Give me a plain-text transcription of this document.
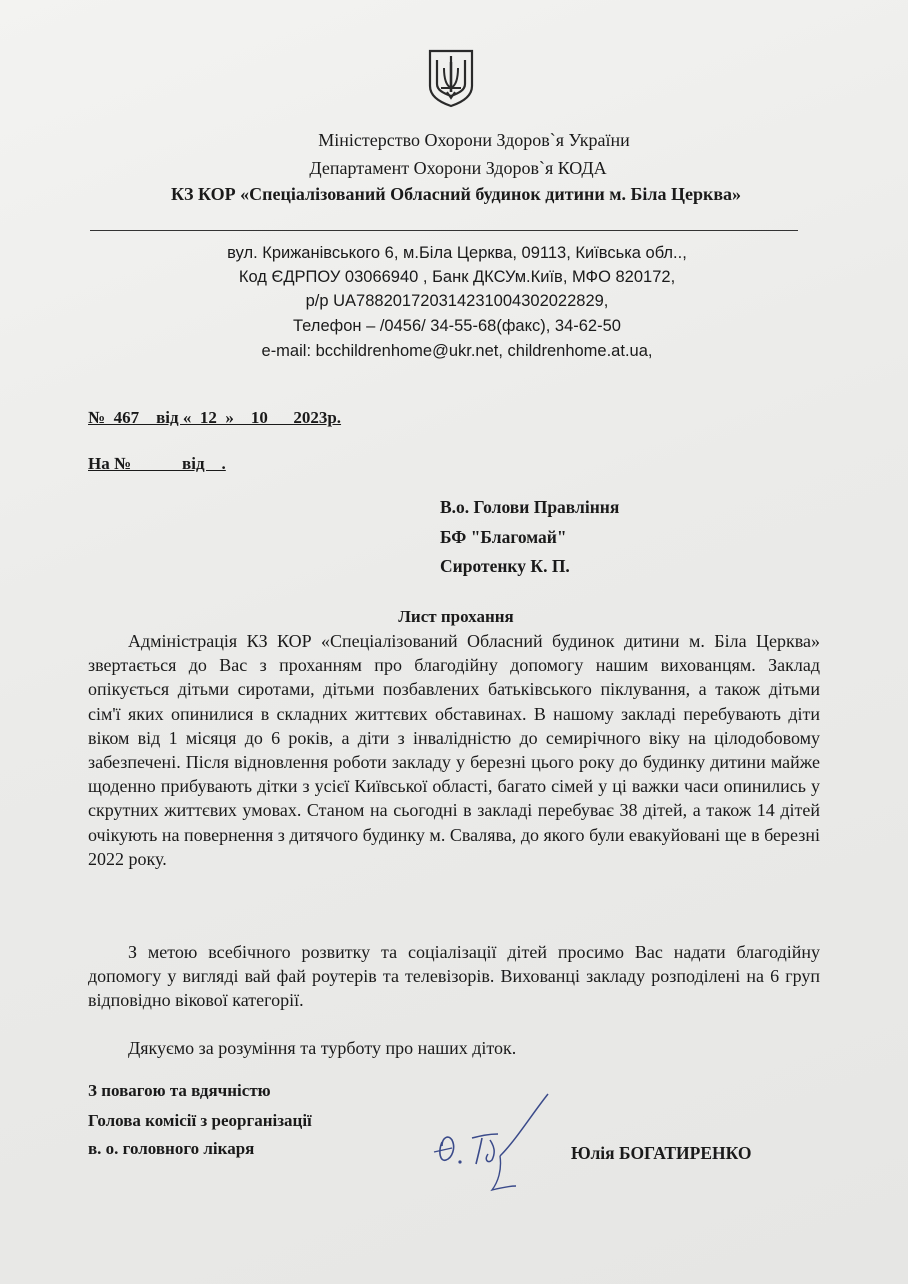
Міністерство Охорони Здоров`я України
Департамент Охорони Здоров`я КОДА
КЗ КОР «Спеціалізований Обласний будинок дитини м. Біла Церква»
вул. Крижанівського 6, м.Біла Церква, 09113, Київська обл..,
Код ЄДРПОУ 03066940 , Банк ДКСУм.Київ, МФО 820172,
р/р UA788201720314231004302022829,
Телефон – /0456/ 34-55-68(факс), 34-62-50
e-mail: bcchildrenhome@ukr.net, childrenhome.at.ua,
№  467    від «  12  »    10      2023р.
На №            від    .
В.о. Голови Правління
БФ "Благомай"
Сиротенку К. П.
Лист прохання

Адміністрація КЗ КОР «Спеціалізований Обласний будинок дитини м. Біла Церква» звертається до Вас з проханням про благодійну допомогу нашим вихованцям. Заклад опікується дітьми сиротами, дітьми позбавлених батьківського піклування, а також дітьми сім'ї яких опинилися в складних життєвих обставинах. В нашому закладі перебувають діти віком від 1 місяця до 6 років, а діти з інвалідністю до семирічного віку на цілодобовому забезпечені. Після відновлення роботи закладу у березні цього року до будинку дитини майже щоденно прибувають дітки з усієї Київської області, багато сімей у ці важки часи опинились у скрутних життєвих умовах. Станом на сьогодні в закладі перебуває 38 дітей, а також 14 дітей очікують на повернення з дитячого будинку м. Свалява, до якого були евакуйовані ще в березні 2022 року.

З метою всебічного розвитку та соціалізації дітей просимо Вас надати благодійну допомогу у вигляді вай фай роутерів та телевізорів. Вихованці закладу розподілені на 6 груп відповідно вікової категорії.

Дякуємо за розуміння та турботу про наших діток.

З повагою та вдячністю
Голова комісії з реорганізації
в. о. головного лікаря	Юлія БОГАТИРЕНКО
